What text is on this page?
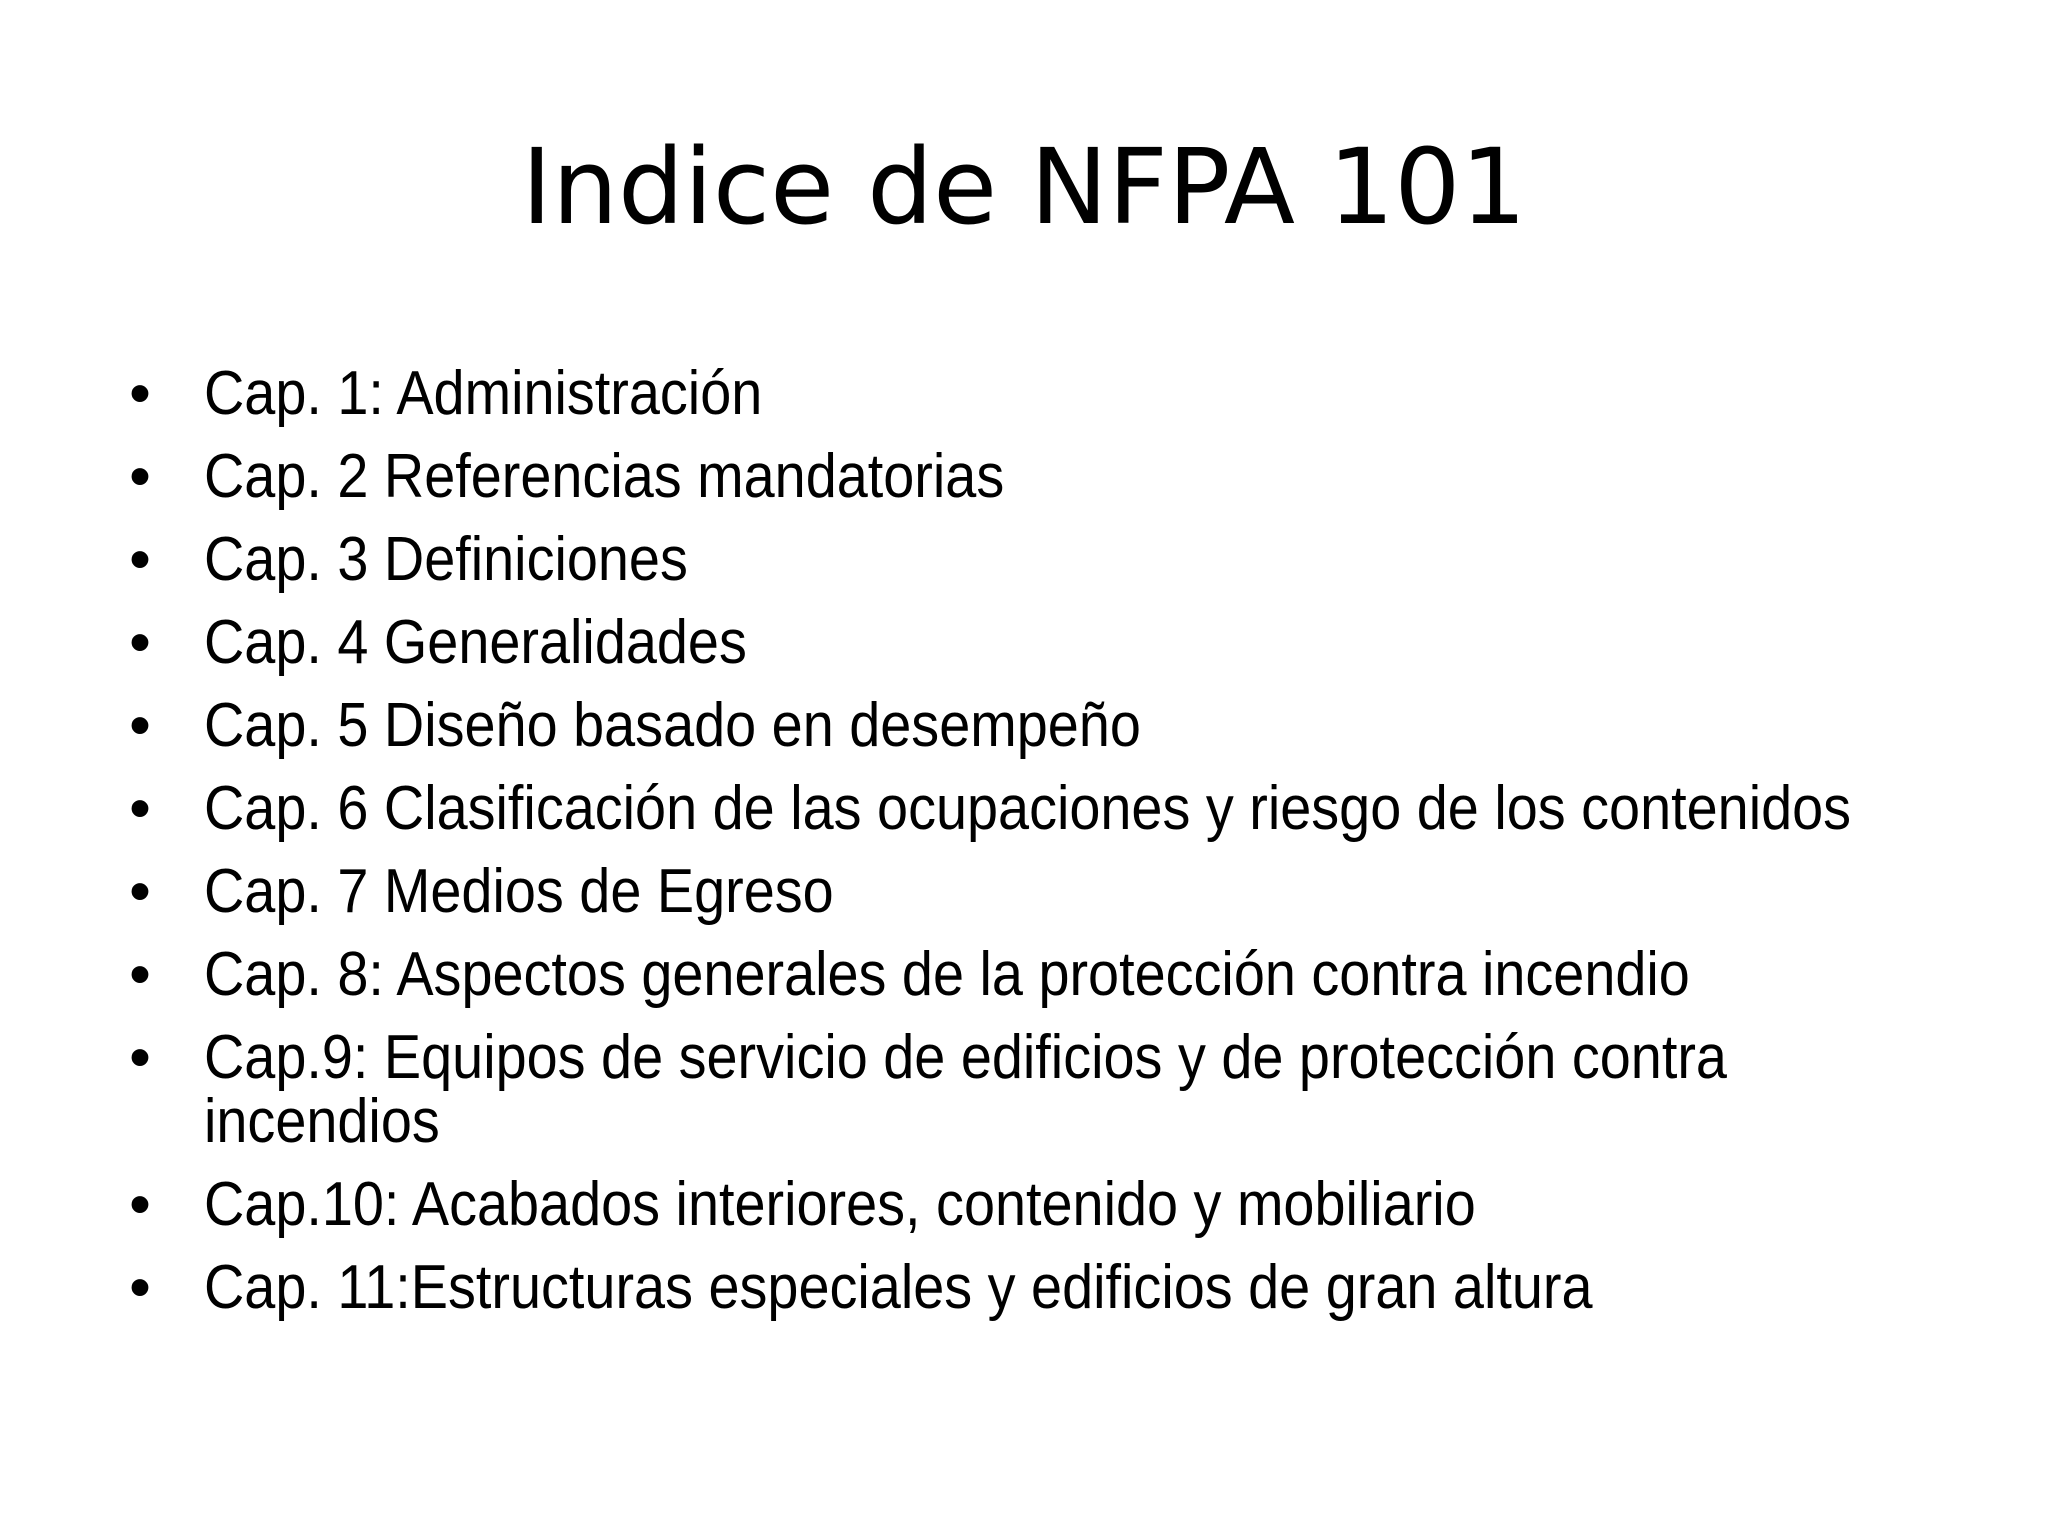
Indice de NFPA 101
• Cap. 1: Administración
• Cap. 2 Referencias mandatorias
• Cap. 3 Definiciones
• Cap. 4 Generalidades
• Cap. 5 Diseño basado en desempeño
• Cap. 6 Clasificación de las ocupaciones y riesgo de los contenidos
• Cap. 7 Medios de Egreso
• Cap. 8: Aspectos generales de la protección contra incendio
• Cap.9: Equipos de servicio de edificios y de protección contra incendios
• Cap.10: Acabados interiores, contenido y mobiliario
• Cap. 11:Estructuras especiales y edificios de gran altura
